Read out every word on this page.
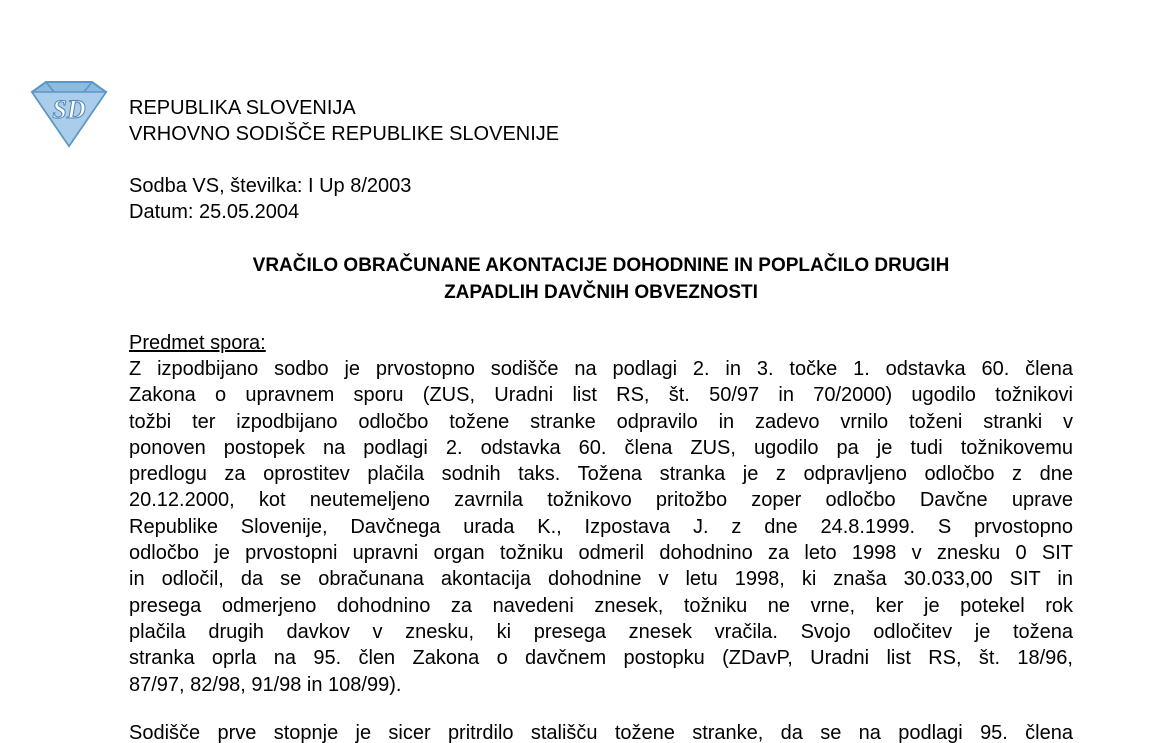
SD REPUBLIKA SLOVENIJA
VRHOVNO SODIŠČE REPUBLIKE SLOVENIJE
Sodba VS, številka: I Up 8/2003
Datum: 25.05.2004
VRAČILO OBRAČUNANE AKONTACIJE DOHODNINE IN POPLAČILO DRUGIH
ZAPADLIH DAVČNIH OBVEZNOSTI
Predmet spora:
Z izpodbijano sodbo je prvostopno sodišče na podlagi 2. in 3. točke 1. odstavka 60. člena
Zakona o upravnem sporu (ZUS, Uradni list RS, št. 50/97 in 70/2000) ugodilo tožnikovi
tožbi ter izpodbijano odločbo tožene stranke odpravilo in zadevo vrnilo toženi stranki v
ponoven postopek na podlagi 2. odstavka 60. člena ZUS, ugodilo pa je tudi tožnikovemu
predlogu za oprostitev plačila sodnih taks. Tožena stranka je z odpravljeno odločbo z dne
20.12.2000, kot neutemeljeno zavrnila tožnikovo pritožbo zoper odločbo Davčne uprave
Republike Slovenije, Davčnega urada K., Izpostava J. z dne 24.8.1999. S prvostopno
odločbo je prvostopni upravni organ tožniku odmeril dohodnino za leto 1998 v znesku 0 SIT
in odločil, da se obračunana akontacija dohodnine v letu 1998, ki znaša 30.033,00 SIT in
presega odmerjeno dohodnino za navedeni znesek, tožniku ne vrne, ker je potekel rok
plačila drugih davkov v znesku, ki presega znesek vračila. Svojo odločitev je tožena
stranka oprla na 95. člen Zakona o davčnem postopku (ZDavP, Uradni list RS, št. 18/96,
87/97, 82/98, 91/98 in 108/99).
Sodišče prve stopnje je sicer pritrdilo stališču tožene stranke, da se na podlagi 95. člena
